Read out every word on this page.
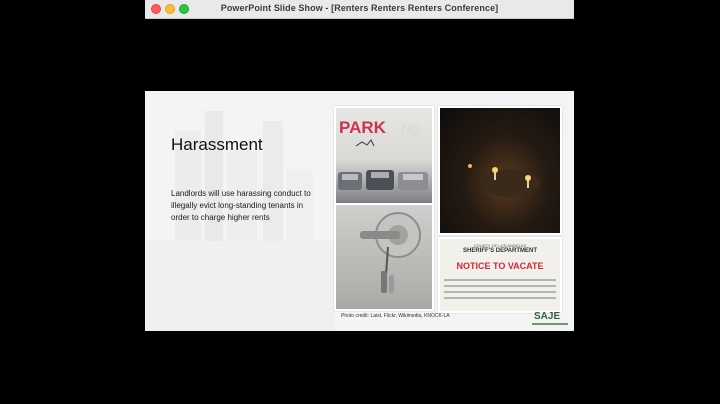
PowerPoint Slide Show - [Renters Renters Renters Conference]
Harassment
Landlords will use harassing conduct to illegally evict long-standing tenants in order to charge higher rents
PARK NG
COUNTY OF LOS ANGELES
SHERIFF'S DEPARTMENT
NOTICE TO VACATE
Photo credit: Laist, Flickr, Wikimedia, KNOCK-LA	SAJE
